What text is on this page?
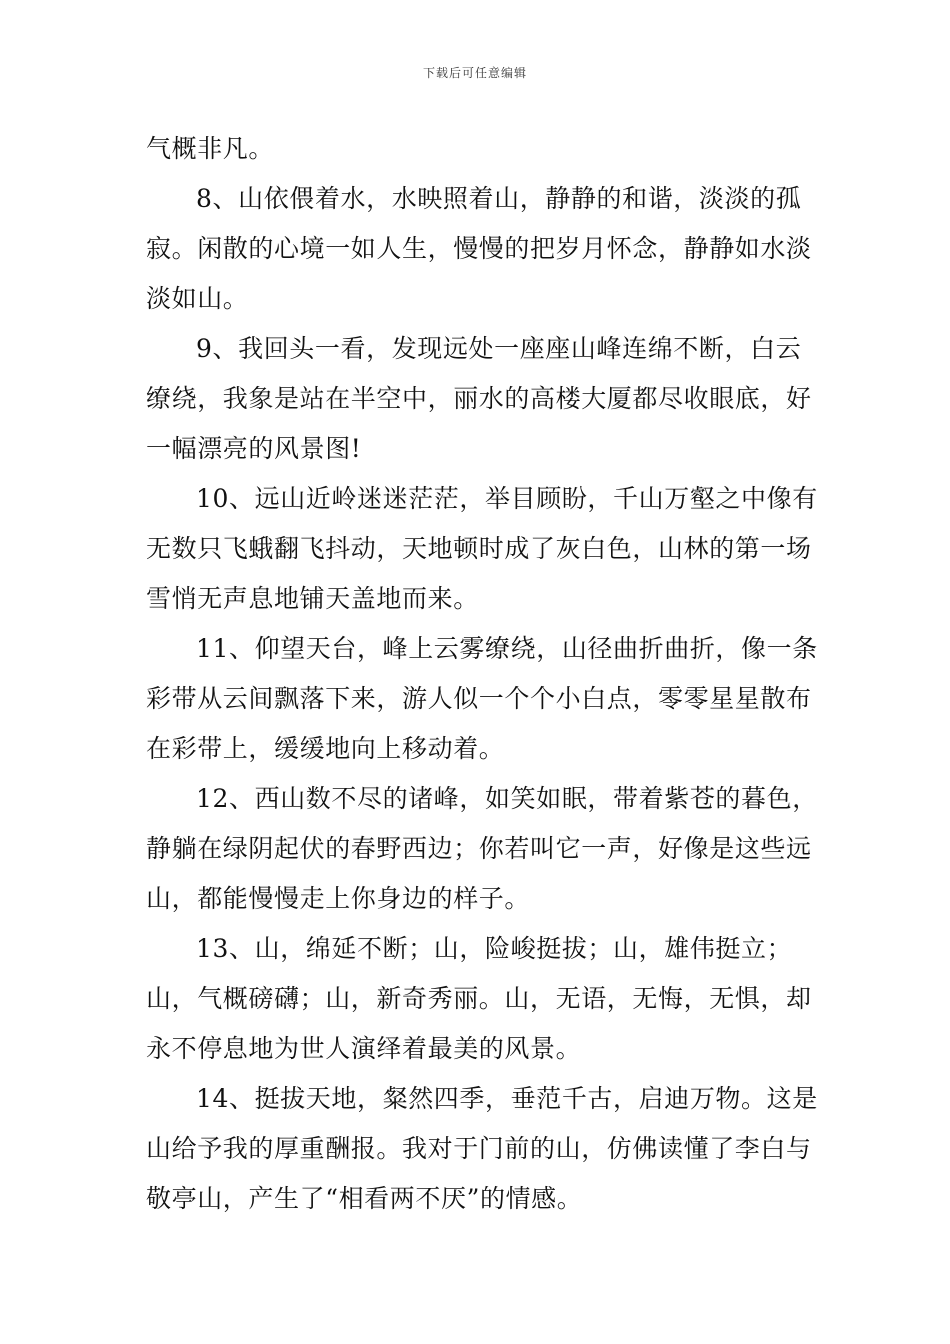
下载后可任意编辑

气概非凡。

8、山依偎着水，水映照着山，静静的和谐，淡淡的孤寂。闲散的心境一如人生，慢慢的把岁月怀念，静静如水淡淡如山。

9、我回头一看，发现远处一座座山峰连绵不断，白云缭绕，我象是站在半空中，丽水的高楼大厦都尽收眼底，好一幅漂亮的风景图!

10、远山近岭迷迷茫茫，举目顾盼，千山万壑之中像有无数只飞蛾翻飞抖动，天地顿时成了灰白色，山林的第一场雪悄无声息地铺天盖地而来。

11、仰望天台，峰上云雾缭绕，山径曲折曲折，像一条彩带从云间飘落下来，游人似一个个小白点，零零星星散布在彩带上，缓缓地向上移动着。

12、西山数不尽的诸峰，如笑如眠，带着紫苍的暮色，静躺在绿阴起伏的春野西边；你若叫它一声，好像是这些远山，都能慢慢走上你身边的样子。

13、山，绵延不断；山，险峻挺拔；山，雄伟挺立；山，气概磅礴；山，新奇秀丽。山，无语，无悔，无惧，却永不停息地为世人演绎着最美的风景。

14、挺拔天地，粲然四季，垂范千古，启迪万物。这是山给予我的厚重酬报。我对于门前的山，仿佛读懂了李白与敬亭山，产生了“相看两不厌”的情感。
